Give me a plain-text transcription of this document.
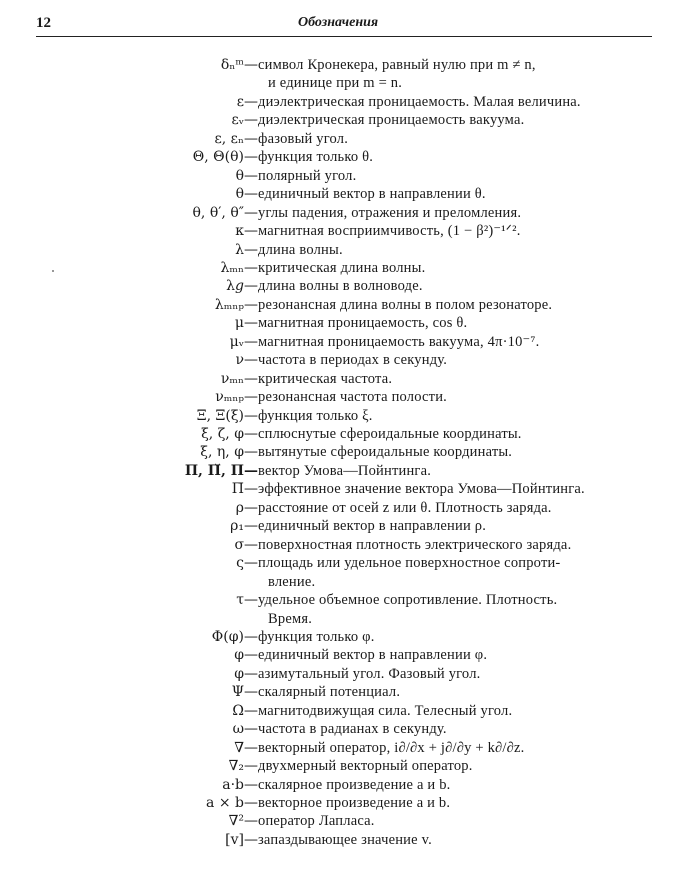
12	Обозначения
δₙᵐ— символ Кронекера, равный нулю при m ≠ n,
и единице при m = n.
ε— диэлектрическая проницаемость. Малая величина.
εᵥ— диэлектрическая проницаемость вакуума.
ε, εₙ— фазовый угол.
Θ, Θ(θ)— функция только θ.
θ— полярный угол.
θ— единичный вектор в направлении θ.
θ, θ′, θ″— углы падения, отражения и преломления.
κ— магнитная восприимчивость, (1 − β²)⁻¹ᐟ².
λ— длина волны.
λₘₙ— критическая длина волны.
λ𝑔— длина волны в волноводе.
λₘₙₚ— резонансная длина волны в полом резонаторе.
μ— магнитная проницаемость, cos θ.
μᵥ— магнитная проницаемость вакуума, 4π·10⁻⁷.
ν— частота в периодах в секунду.
νₘₙ— критическая частота.
νₘₙₚ— резонансная частота полости.
Ξ, Ξ(ξ)— функция только ξ.
ξ, ζ, φ— сплюснутые сфероидальные координаты.
ξ, η, φ— вытянутые сфероидальные координаты.
Π, Π̆, Π— вектор Умова—Пойнтинга.
Π̄— эффективное значение вектора Умова—Пойнтинга.
ρ— расстояние от осей z или θ. Плотность заряда.
ρ₁— единичный вектор в направлении ρ.
σ— поверхностная плотность электрического заряда.
ς— площадь или удельное поверхностное сопроти-
вление.
τ— удельное объемное сопротивление. Плотность.
Время.
Φ(φ)— функция только φ.
φ— единичный вектор в направлении φ.
φ— азимутальный угол. Фазовый угол.
Ψ— скалярный потенциал.
Ω— магнитодвижущая сила. Телесный угол.
ω— частота в радианах в секунду.
∇— векторный оператор, i∂/∂x + j∂/∂y + k∂/∂z.
∇₂— двухмерный векторный оператор.
a·b— скалярное произведение a и b.
a × b— векторное произведение a и b.
∇²— оператор Лапласа.
[v]— запаздывающее значение v.
